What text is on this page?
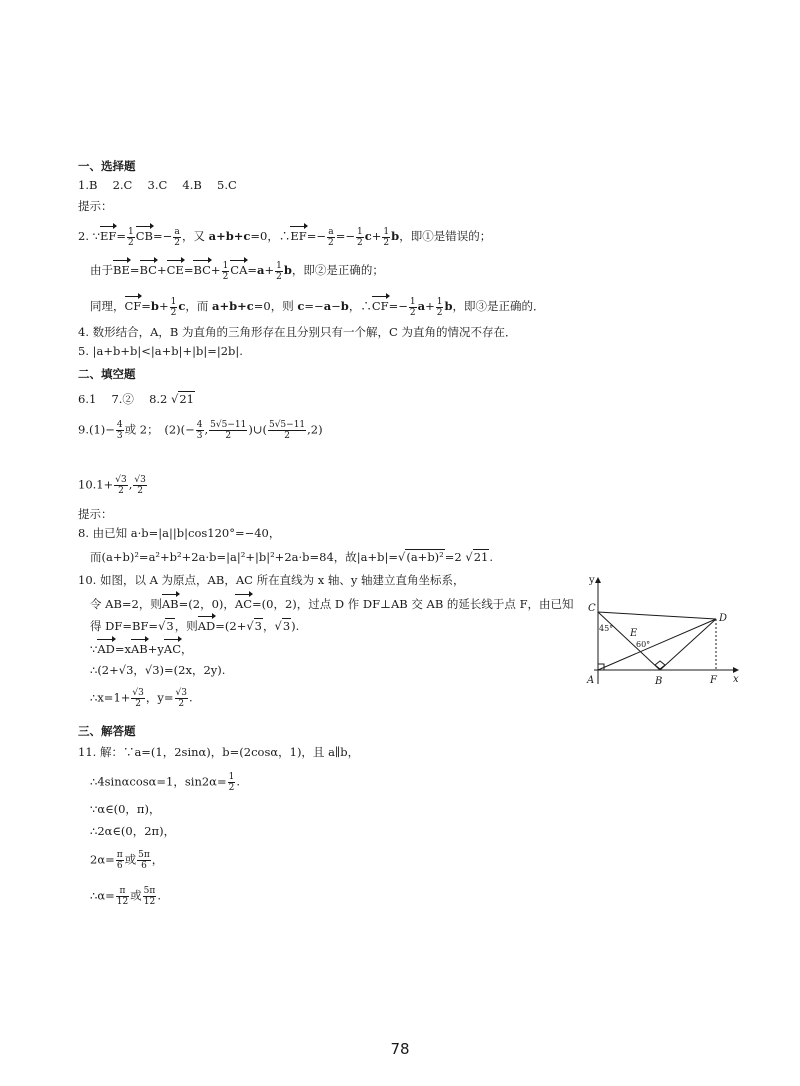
一、选择题
1.B　 2.C　 3.C　 4.B　 5.C
提示：
2. ∵EF= $\frac{1}{2} CB=- \frac{a}{2}$ ，又 a+b+c=0，∴EF=− $\frac{a}{2} =- \frac{1}{2} c+ \frac{1}{2}$ b，即①是错误的；
由于$BE=BC+CE=BC+ \frac{1}{2} CA=a+ \frac{1}{2}$ b，即②是正确的；
同理，$CF=b+ \frac{1}{2}$ c，而 a+b+c=0，则 c=−a−b，∴CF=− $\frac{1}{2} a+ \frac{1}{2}$ b，即③是正确的．
4. 数形结合，A，B 为直角的三角形存在且分别只有一个解，C 为直角的情况不存在．
5. |a+b+b|<|a+b|+|b|=|2b|.
二、填空题
6.1　 7.②　 8.2 √21
$9.(1)- \frac{4}{3}$ 或 2；　$(2)(- \frac{4}{3}$ , $\frac{5√5-11}{2}$ )∪( $\frac{5√5-11}{2} ,2$)
$10.1+ \frac{√3}{2}$ , $\frac{√3}{2}$
提示：
8. 由已知 a·b=|a||b|cos120°=−40，
而(a+b)²=a²+b²+2a·b=|a|²+|b|²+2a·b=84，故|a+b|=√(a+b)²=2 √21.
10. 如图，以 A 为原点，AB，AC 所在直线为 x 轴、y 轴建立直角坐标系，
令 AB=2，则AB=(2，0)，AC=(0，2)，过点 D 作 DF⊥AB 交 AB 的延长线于点 F，由已知
得 DF=BF=√3，则AD=(2+√3，√3).
∵AD=xAB+yAC，
∴(2+√3，√3)=(2x，2y).
∴x=1+ $\frac{√3}{2}$ ，$y= \frac{√3}{2}$ .
y
x
A	B
C
D
E
F
45°
60°
三、解答题
11. 解：∵a=(1，2sinα)，b=(2cosα，1)，且 a∥b，
∴4sinαcosα=1，$\sin 2\alpha= \frac{1}{2}$ .
∵α∈(0，π)，
∴2α∈(0，2π)，
$2\alpha= \frac{\pi}{6}$ 或 $\frac{5\pi}{6}$ ，
∴α= $\frac{\pi}{12}$ 或 $\frac{5\pi}{12}$ .
78
